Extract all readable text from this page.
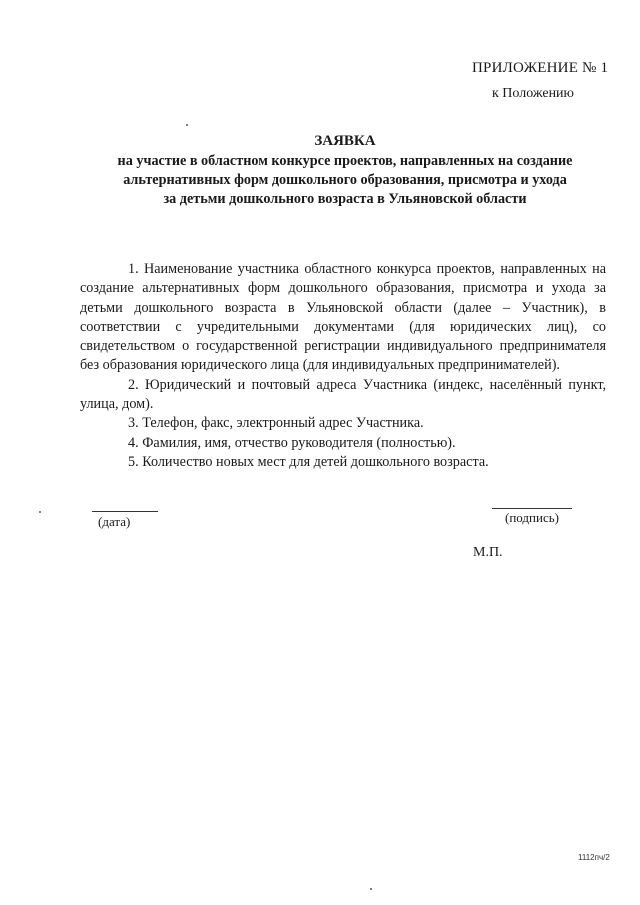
ПРИЛОЖЕНИЕ № 1
к Положению
ЗАЯВКА
на участие в областном конкурсе проектов, направленных на создание
альтернативных форм дошкольного образования, присмотра и ухода
за детьми дошкольного возраста в Ульяновской области

1. Наименование участника областного конкурса проектов, направленных на создание альтернативных форм дошкольного образования, присмотра и ухода за детьми дошкольного возраста в Ульяновской области (далее – Участник), в соответствии с учредительными документами (для юридических лиц), со свидетельством о государственной регистрации индивидуального предпринимателя без образования юридического лица (для индивидуальных предпринимателей).

2. Юридический и почтовый адреса Участника (индекс, населённый пункт, улица, дом).

3. Телефон, факс, электронный адрес Участника.

4. Фамилия, имя, отчество руководителя (полностью).

5. Количество новых мест для детей дошкольного возраста.

(дата)	(подпись)
М.П.
1112пч/2
